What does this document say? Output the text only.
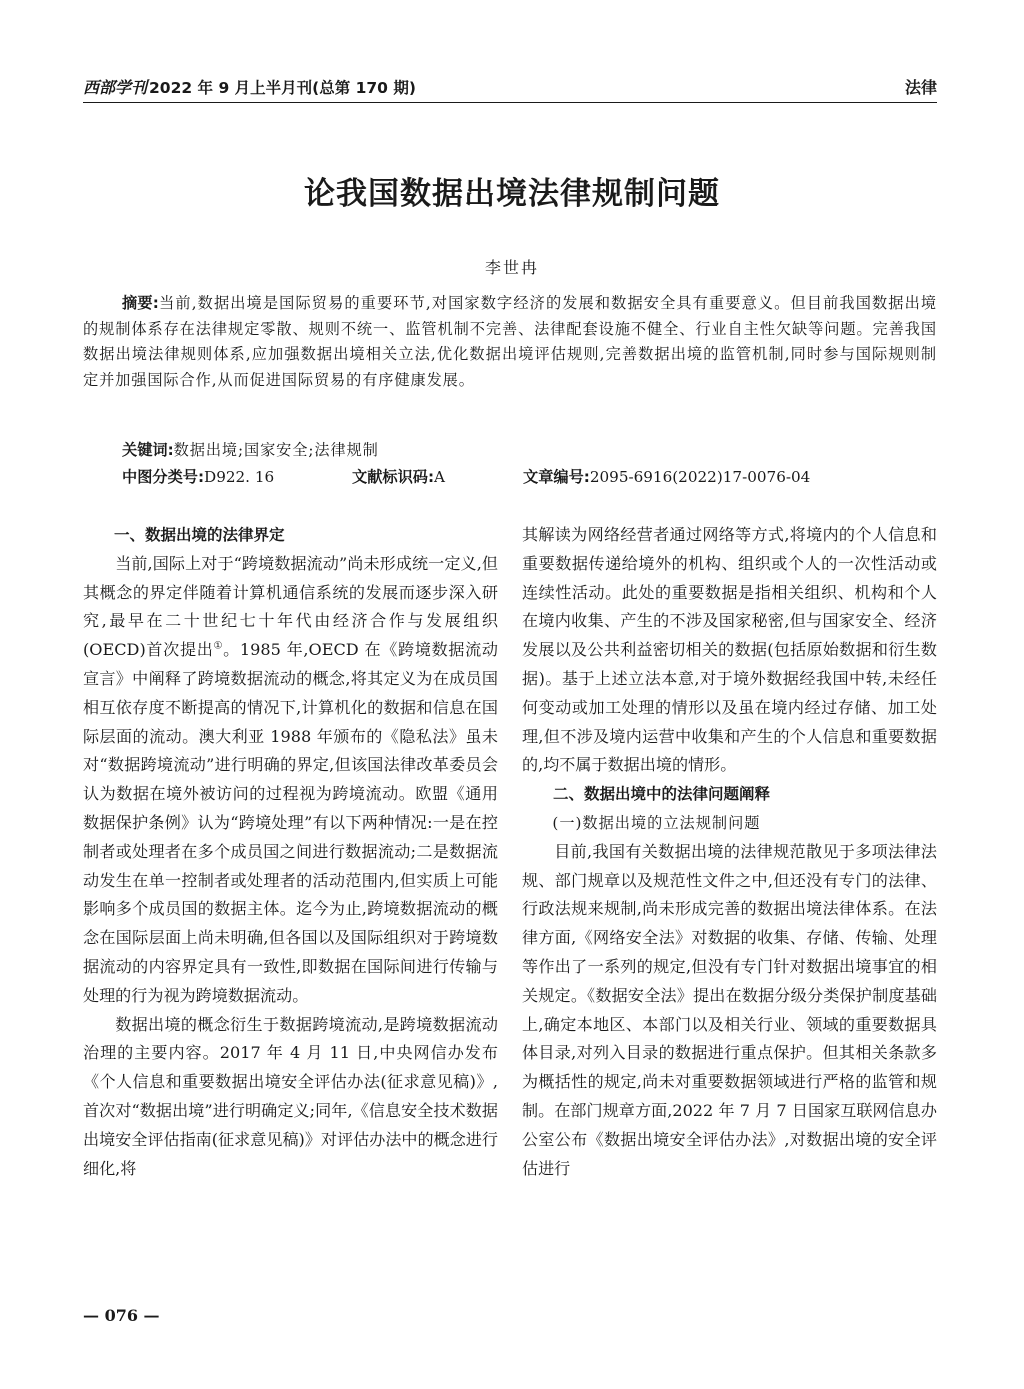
西部学刊 2022 年 9 月上半月刊(总第 170 期)	法律
论我国数据出境法律规制问题
李世冉
摘要:当前,数据出境是国际贸易的重要环节,对国家数字经济的发展和数据安全具有重要意义。但目前我国数据出境的规制体系存在法律规定零散、规则不统一、监管机制不完善、法律配套设施不健全、行业自主性欠缺等问题。完善我国数据出境法律规则体系,应加强数据出境相关立法,优化数据出境评估规则,完善数据出境的监管机制,同时参与国际规则制定并加强国际合作,从而促进国际贸易的有序健康发展。
关键词:数据出境;国家安全;法律规制
中图分类号:D922. 16	文献标识码:A	文章编号:2095-6916(2022)17-0076-04

一、数据出境的法律界定

当前,国际上对于“跨境数据流动”尚未形成统一定义,但其概念的界定伴随着计算机通信系统的发展而逐步深入研究,最早在二十世纪七十年代由经济合作与发展组织(OECD)首次提出①。1985 年,OECD 在《跨境数据流动宣言》中阐释了跨境数据流动的概念,将其定义为在成员国相互依存度不断提高的情况下,计算机化的数据和信息在国际层面的流动。澳大利亚 1988 年颁布的《隐私法》虽未对“数据跨境流动”进行明确的界定,但该国法律改革委员会认为数据在境外被访问的过程视为跨境流动。欧盟《通用数据保护条例》认为“跨境处理”有以下两种情况:一是在控制者或处理者在多个成员国之间进行数据流动;二是数据流动发生在单一控制者或处理者的活动范围内,但实质上可能影响多个成员国的数据主体。迄今为止,跨境数据流动的概念在国际层面上尚未明确,但各国以及国际组织对于跨境数据流动的内容界定具有一致性,即数据在国际间进行传输与处理的行为视为跨境数据流动。

数据出境的概念衍生于数据跨境流动,是跨境数据流动治理的主要内容。2017 年 4 月 11 日,中央网信办发布《个人信息和重要数据出境安全评估办法(征求意见稿)》,首次对“数据出境”进行明确定义;同年,《信息安全技术数据出境安全评估指南(征求意见稿)》对评估办法中的概念进行细化,将

其解读为网络经营者通过网络等方式,将境内的个人信息和重要数据传递给境外的机构、组织或个人的一次性活动或连续性活动。此处的重要数据是指相关组织、机构和个人在境内收集、产生的不涉及国家秘密,但与国家安全、经济发展以及公共利益密切相关的数据(包括原始数据和衍生数据)。基于上述立法本意,对于境外数据经我国中转,未经任何变动或加工处理的情形以及虽在境内经过存储、加工处理,但不涉及境内运营中收集和产生的个人信息和重要数据的,均不属于数据出境的情形。

二、数据出境中的法律问题阐释

(一)数据出境的立法规制问题

目前,我国有关数据出境的法律规范散见于多项法律法规、部门规章以及规范性文件之中,但还没有专门的法律、行政法规来规制,尚未形成完善的数据出境法律体系。在法律方面,《网络安全法》对数据的收集、存储、传输、处理等作出了一系列的规定,但没有专门针对数据出境事宜的相关规定。《数据安全法》提出在数据分级分类保护制度基础上,确定本地区、本部门以及相关行业、领域的重要数据具体目录,对列入目录的数据进行重点保护。但其相关条款多为概括性的规定,尚未对重要数据领域进行严格的监管和规制。在部门规章方面,2022 年 7 月 7 日国家互联网信息办公室公布《数据出境安全评估办法》,对数据出境的安全评估进行

— 076 —
